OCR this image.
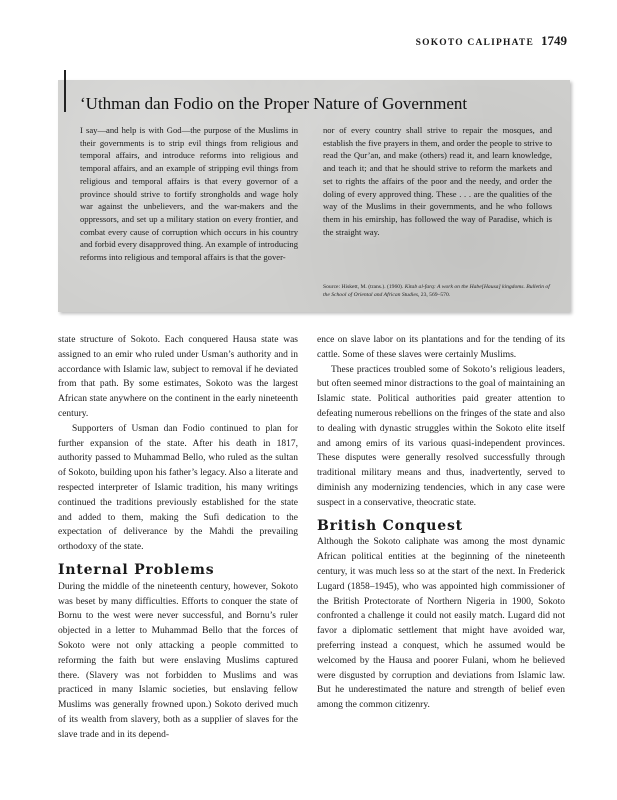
SOKOTO CALIPHATE 1749
‘Uthman dan Fodio on the Proper Nature of Government
I say—and help is with God—the purpose of the Muslims in their governments is to strip evil things from religious and temporal affairs, and introduce reforms into religious and temporal affairs, and an example of stripping evil things from religious and temporal affairs is that every governor of a province should strive to fortify strongholds and wage holy war against the unbelievers, and the war-makers and the oppressors, and set up a military station on every frontier, and combat every cause of corruption which occurs in his country and forbid every disapproved thing. An example of introducing reforms into religious and temporal affairs is that the gover-
nor of every country shall strive to repair the mosques, and establish the five prayers in them, and order the people to strive to read the Qur’an, and make (others) read it, and learn knowledge, and teach it; and that he should strive to reform the markets and set to rights the affairs of the poor and the needy, and order the doling of every approved thing. These . . . are the qualities of the way of the Muslims in their governments, and he who follows them in his emirship, has followed the way of Paradise, which is the straight way.
Source: Hiskett, M. (trans.). (1960). Kitab al-farq: A work on the Habe[Hausa] kingdoms. Bulletin of the School of Oriental and African Studies, 23, 569–570.

state structure of Sokoto. Each conquered Hausa state was assigned to an emir who ruled under Usman’s authority and in accordance with Islamic law, subject to removal if he deviated from that path. By some estimates, Sokoto was the largest African state anywhere on the continent in the early nineteenth century.

Supporters of Usman dan Fodio continued to plan for further expansion of the state. After his death in 1817, authority passed to Muhammad Bello, who ruled as the sultan of Sokoto, building upon his father’s legacy. Also a literate and respected interpreter of Islamic tradition, his many writings continued the traditions previously established for the state and added to them, making the Sufi dedication to the expectation of deliverance by the Mahdi the prevailing orthodoxy of the state.

Internal Problems

During the middle of the nineteenth century, however, Sokoto was beset by many difficulties. Efforts to conquer the state of Bornu to the west were never successful, and Bornu’s ruler objected in a letter to Muhammad Bello that the forces of Sokoto were not only attacking a people committed to reforming the faith but were enslaving Muslims captured there. (Slavery was not forbidden to Muslims and was practiced in many Islamic societies, but enslaving fellow Muslims was generally frowned upon.) Sokoto derived much of its wealth from slavery, both as a supplier of slaves for the slave trade and in its depend-

ence on slave labor on its plantations and for the tending of its cattle. Some of these slaves were certainly Muslims.

These practices troubled some of Sokoto’s religious leaders, but often seemed minor distractions to the goal of maintaining an Islamic state. Political authorities paid greater attention to defeating numerous rebellions on the fringes of the state and also to dealing with dynastic struggles within the Sokoto elite itself and among emirs of its various quasi-independent provinces. These disputes were generally resolved successfully through traditional military means and thus, inadvertently, served to diminish any modernizing tendencies, which in any case were suspect in a conservative, theocratic state.

British Conquest

Although the Sokoto caliphate was among the most dynamic African political entities at the beginning of the nineteenth century, it was much less so at the start of the next. In Frederick Lugard (1858–1945), who was appointed high commissioner of the British Protectorate of Northern Nigeria in 1900, Sokoto confronted a challenge it could not easily match. Lugard did not favor a diplomatic settlement that might have avoided war, preferring instead a conquest, which he assumed would be welcomed by the Hausa and poorer Fulani, whom he believed were disgusted by corruption and deviations from Islamic law. But he underestimated the nature and strength of belief even among the common citizenry.
